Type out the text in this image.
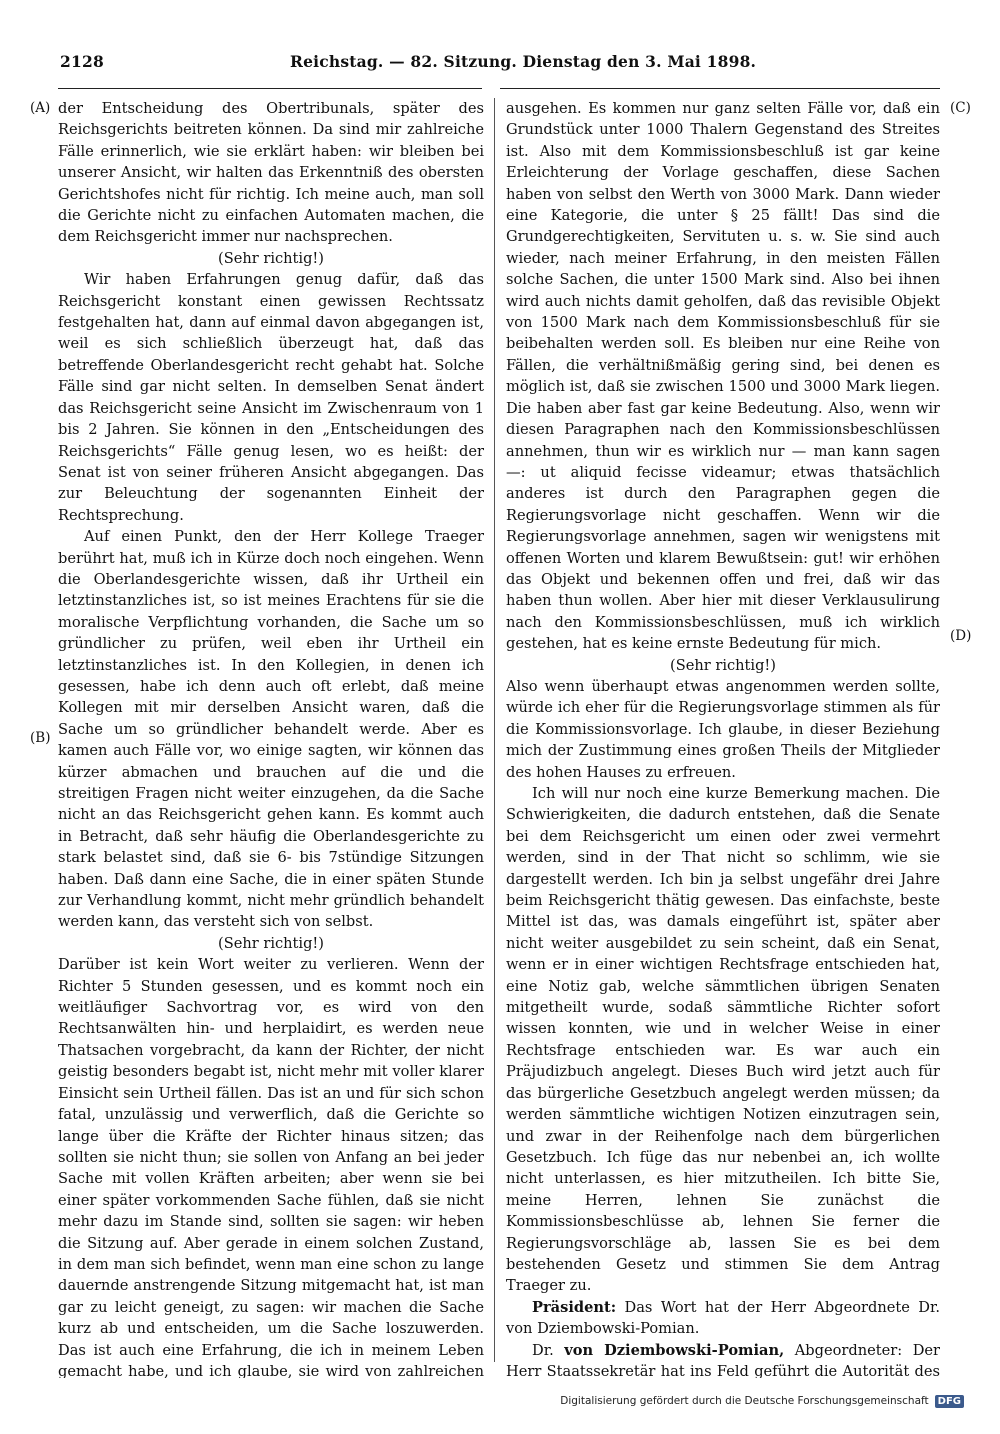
2128	Reichstag. — 82. Sitzung. Dienstag den 3. Mai 1898.
(A)
(B)
(C)
(D)

der Entscheidung des Obertribunals, später des Reichsgerichts beitreten können. Da sind mir zahlreiche Fälle erinnerlich, wie sie erklärt haben: wir bleiben bei unserer Ansicht, wir halten das Erkenntniß des obersten Gerichtshofes nicht für richtig. Ich meine auch, man soll die Gerichte nicht zu einfachen Automaten machen, die dem Reichsgericht immer nur nachsprechen.

(Sehr richtig!)

Wir haben Erfahrungen genug dafür, daß das Reichsgericht konstant einen gewissen Rechtssatz festgehalten hat, dann auf einmal davon abgegangen ist, weil es sich schließlich überzeugt hat, daß das betreffende Oberlandesgericht recht gehabt hat. Solche Fälle sind gar nicht selten. In demselben Senat ändert das Reichsgericht seine Ansicht im Zwischenraum von 1 bis 2 Jahren. Sie können in den „Entscheidungen des Reichsgerichts“ Fälle genug lesen, wo es heißt: der Senat ist von seiner früheren Ansicht abgegangen. Das zur Beleuchtung der sogenannten Einheit der Rechtsprechung.

Auf einen Punkt, den der Herr Kollege Traeger berührt hat, muß ich in Kürze doch noch eingehen. Wenn die Oberlandesgerichte wissen, daß ihr Urtheil ein letztinstanzliches ist, so ist meines Erachtens für sie die moralische Verpflichtung vorhanden, die Sache um so gründlicher zu prüfen, weil eben ihr Urtheil ein letztinstanzliches ist. In den Kollegien, in denen ich gesessen, habe ich denn auch oft erlebt, daß meine Kollegen mit mir derselben Ansicht waren, daß die Sache um so gründlicher behandelt werde. Aber es kamen auch Fälle vor, wo einige sagten, wir können das kürzer abmachen und brauchen auf die und die streitigen Fragen nicht weiter einzugehen, da die Sache nicht an das Reichsgericht gehen kann. Es kommt auch in Betracht, daß sehr häufig die Oberlandesgerichte zu stark belastet sind, daß sie 6- bis 7stündige Sitzungen haben. Daß dann eine Sache, die in einer späten Stunde zur Verhandlung kommt, nicht mehr gründlich behandelt werden kann, das versteht sich von selbst.

(Sehr richtig!)

Darüber ist kein Wort weiter zu verlieren. Wenn der Richter 5 Stunden gesessen, und es kommt noch ein weitläufiger Sachvortrag vor, es wird von den Rechtsanwälten hin- und herplaidirt, es werden neue Thatsachen vorgebracht, da kann der Richter, der nicht geistig besonders begabt ist, nicht mehr mit voller klarer Einsicht sein Urtheil fällen. Das ist an und für sich schon fatal, unzulässig und verwerflich, daß die Gerichte so lange über die Kräfte der Richter hinaus sitzen; das sollten sie nicht thun; sie sollen von Anfang an bei jeder Sache mit vollen Kräften arbeiten; aber wenn sie bei einer später vorkommenden Sache fühlen, daß sie nicht mehr dazu im Stande sind, sollten sie sagen: wir heben die Sitzung auf. Aber gerade in einem solchen Zustand, in dem man sich befindet, wenn man eine schon zu lange dauernde anstrengende Sitzung mitgemacht hat, ist man gar zu leicht geneigt, zu sagen: wir machen die Sache kurz ab und entscheiden, um die Sache loszuwerden. Das ist auch eine Erfahrung, die ich in meinem Leben gemacht habe, und ich glaube, sie wird von zahlreichen

ausgehen. Es kommen nur ganz selten Fälle vor, daß ein Grundstück unter 1000 Thalern Gegenstand des Streites ist. Also mit dem Kommissionsbeschluß ist gar keine Erleichterung der Vorlage geschaffen, diese Sachen haben von selbst den Werth von 3000 Mark. Dann wieder eine Kategorie, die unter § 25 fällt! Das sind die Grundgerechtigkeiten, Servituten u. s. w. Sie sind auch wieder, nach meiner Erfahrung, in den meisten Fällen solche Sachen, die unter 1500 Mark sind. Also bei ihnen wird auch nichts damit geholfen, daß das revisible Objekt von 1500 Mark nach dem Kommissionsbeschluß für sie beibehalten werden soll. Es bleiben nur eine Reihe von Fällen, die verhältnißmäßig gering sind, bei denen es möglich ist, daß sie zwischen 1500 und 3000 Mark liegen. Die haben aber fast gar keine Bedeutung. Also, wenn wir diesen Paragraphen nach den Kommissionsbeschlüssen annehmen, thun wir es wirklich nur — man kann sagen —: ut aliquid fecisse videamur; etwas thatsächlich anderes ist durch den Paragraphen gegen die Regierungsvorlage nicht geschaffen. Wenn wir die Regierungsvorlage annehmen, sagen wir wenigstens mit offenen Worten und klarem Bewußtsein: gut! wir erhöhen das Objekt und bekennen offen und frei, daß wir das haben thun wollen. Aber hier mit dieser Verklausulirung nach den Kommissionsbeschlüssen, muß ich wirklich gestehen, hat es keine ernste Bedeutung für mich.

(Sehr richtig!)

Also wenn überhaupt etwas angenommen werden sollte, würde ich eher für die Regierungsvorlage stimmen als für die Kommissionsvorlage. Ich glaube, in dieser Beziehung mich der Zustimmung eines großen Theils der Mitglieder des hohen Hauses zu erfreuen.

Ich will nur noch eine kurze Bemerkung machen. Die Schwierigkeiten, die dadurch entstehen, daß die Senate bei dem Reichsgericht um einen oder zwei vermehrt werden, sind in der That nicht so schlimm, wie sie dargestellt werden. Ich bin ja selbst ungefähr drei Jahre beim Reichsgericht thätig gewesen. Das einfachste, beste Mittel ist das, was damals eingeführt ist, später aber nicht weiter ausgebildet zu sein scheint, daß ein Senat, wenn er in einer wichtigen Rechtsfrage entschieden hat, eine Notiz gab, welche sämmtlichen übrigen Senaten mitgetheilt wurde, sodaß sämmtliche Richter sofort wissen konnten, wie und in welcher Weise in einer Rechtsfrage entschieden war. Es war auch ein Präjudizbuch angelegt. Dieses Buch wird jetzt auch für das bürgerliche Gesetzbuch angelegt werden müssen; da werden sämmtliche wichtigen Notizen einzutragen sein, und zwar in der Reihenfolge nach dem bürgerlichen Gesetzbuch. Ich füge das nur nebenbei an, ich wollte nicht unterlassen, es hier mitzutheilen. Ich bitte Sie, meine Herren, lehnen Sie zunächst die Kommissionsbeschlüsse ab, lehnen Sie ferner die Regierungsvorschläge ab, lassen Sie es bei dem bestehenden Gesetz und stimmen Sie dem Antrag Traeger zu.

Präsident: Das Wort hat der Herr Abgeordnete Dr. von Dziembowski-Pomian.

Dr. von Dziembowski-Pomian, Abgeordneter: Der Herr Staatssekretär hat ins Feld geführt die Autorität des

Digitalisierung gefördert durch die Deutsche Forschungsgemeinschaft DFG
